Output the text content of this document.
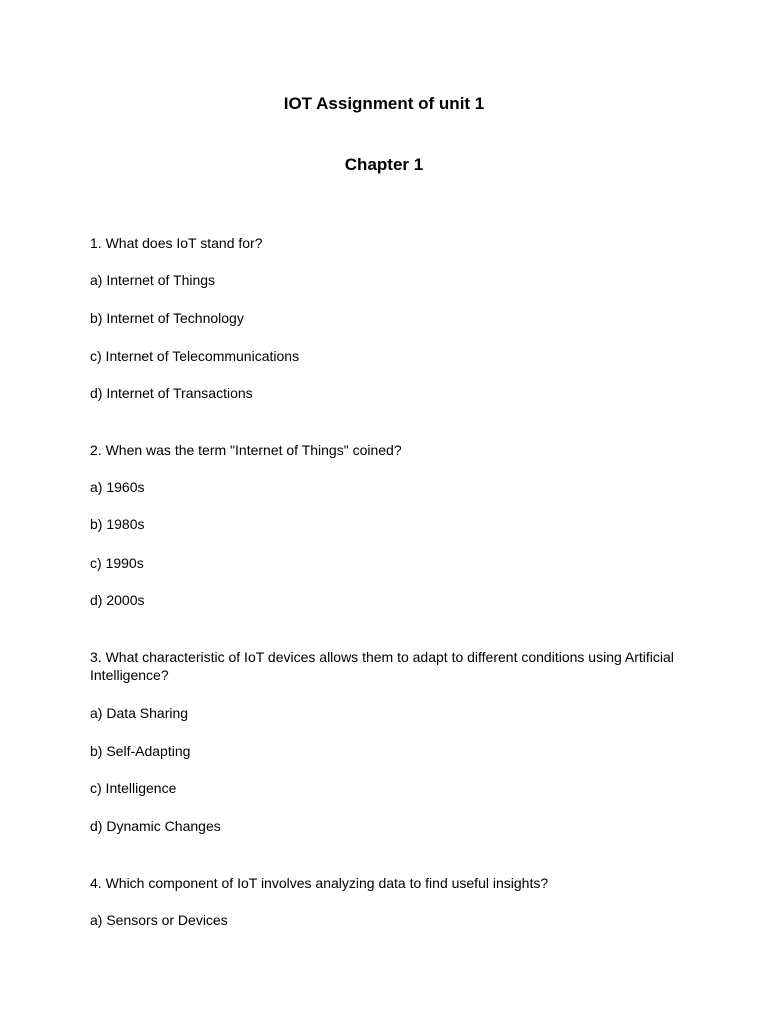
IOT Assignment of unit 1
Chapter 1

1. What does IoT stand for?

a) Internet of Things

b) Internet of Technology

c) Internet of Telecommunications

d) Internet of Transactions

2. When was the term "Internet of Things" coined?

a) 1960s

b) 1980s

c) 1990s

d) 2000s

3. What characteristic of IoT devices allows them to adapt to different conditions using Artificial

Intelligence?

a) Data Sharing

b) Self-Adapting

c) Intelligence

d) Dynamic Changes

4. Which component of IoT involves analyzing data to find useful insights?

a) Sensors or Devices
